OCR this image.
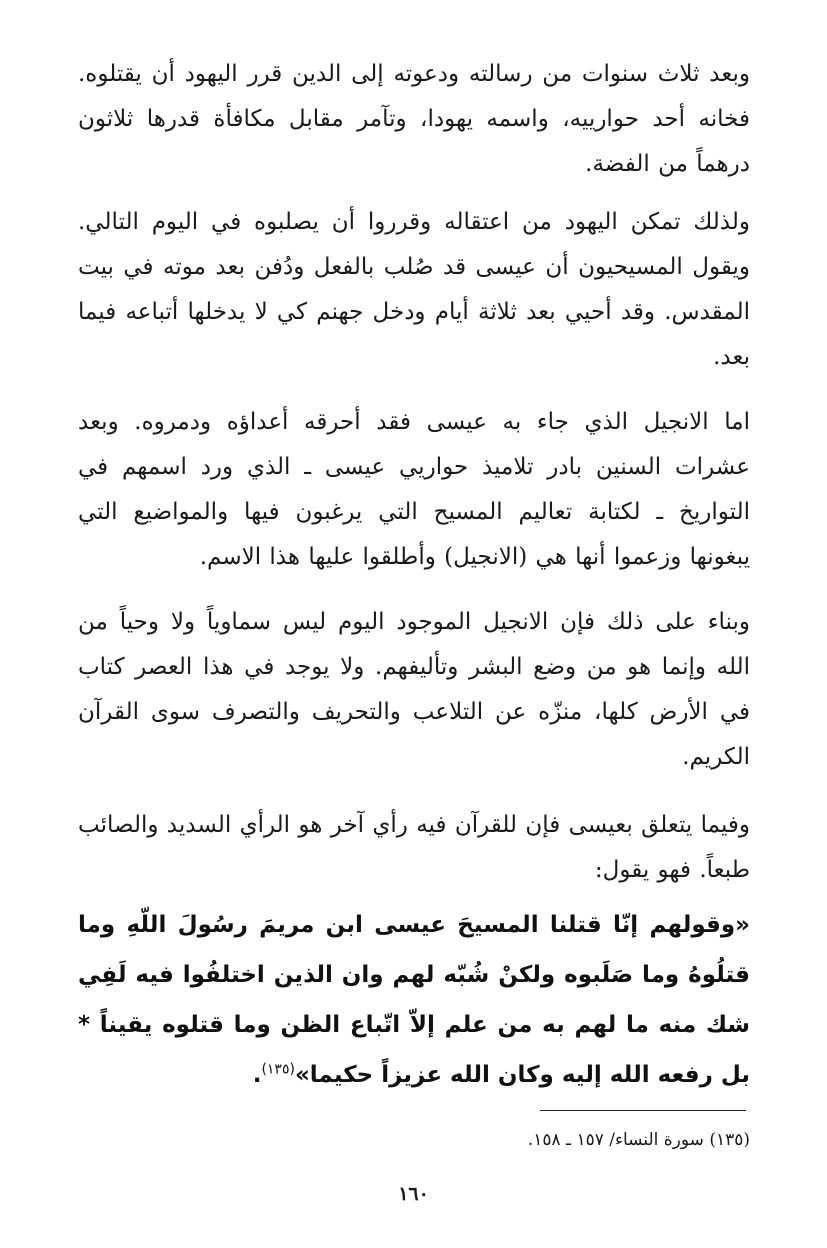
وبعد ثلاث سنوات من رسالته ودعوته إلى الدين قرر اليهود أن يقتلوه. فخانه أحد حوارييه، واسمه يهودا، وتآمر مقابل مكافأة قدرها ثلاثون درهماً من الفضة.

ولذلك تمكن اليهود من اعتقاله وقرروا أن يصلبوه في اليوم التالي. ويقول المسيحيون أن عيسى قد صُلب بالفعل ودُفن بعد موته في بيت المقدس. وقد أحيي بعد ثلاثة أيام ودخل جهنم كي لا يدخلها أتباعه فيما بعد.

اما الانجيل الذي جاء به عيسى فقد أحرقه أعداؤه ودمروه. وبعد عشرات السنين بادر تلاميذ حواريي عيسى ـ الذي ورد اسمهم في التواريخ ـ لكتابة تعاليم المسيح التي يرغبون فيها والمواضيع التي يبغونها وزعموا أنها هي (الانجيل) وأطلقوا عليها هذا الاسم.

وبناء على ذلك فإن الانجيل الموجود اليوم ليس سماوياً ولا وحياً من الله وإنما هو من وضع البشر وتأليفهم. ولا يوجد في هذا العصر كتاب في الأرض كلها، منزّه عن التلاعب والتحريف والتصرف سوى القرآن الكريم.

وفيما يتعلق بعيسى فإن للقرآن فيه رأي آخر هو الرأي السديد والصائب طبعاً. فهو يقول:

«وقولهم إنّا قتلنا المسيحَ عيسى ابن مريمَ رسُولَ اللّهِ وما قتلُوهُ وما صَلَبوه ولكنْ شُبّه لهم وان الذين اختلفُوا فيه لَفِي شك منه ما لهم به من علم إلاّ اتّباع الظن وما قتلوه يقيناً * بل رفعه الله إليه وكان الله عزيزاً حكيما»$^{(١٣٥)}$.

(١٣٥) سورة النساء/ ١٥٧ ـ ١٥٨.

١٦٠
